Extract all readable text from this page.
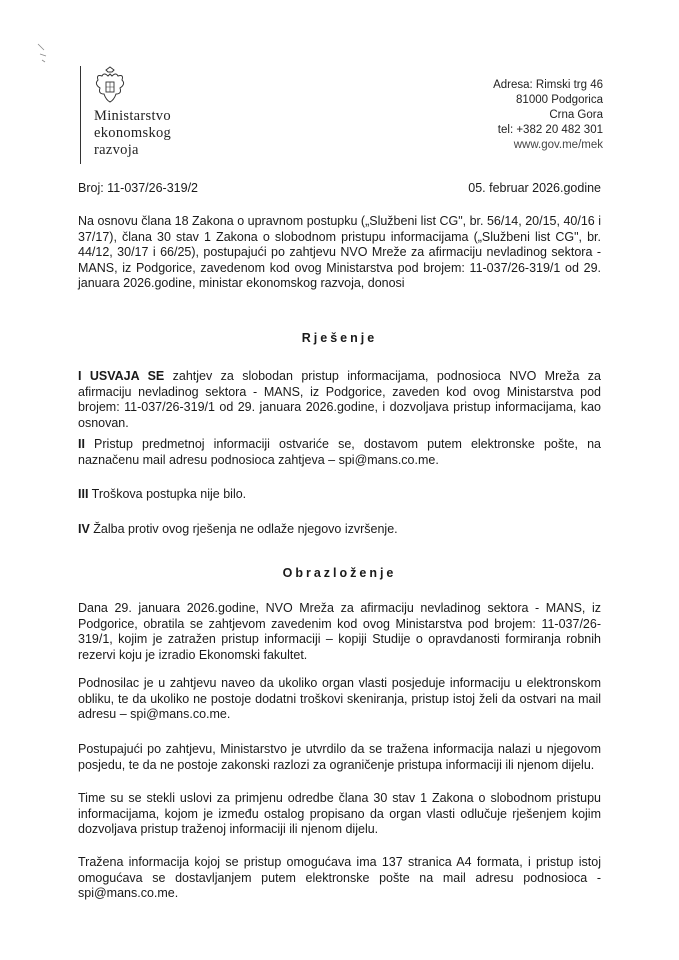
Ministarstvo
ekonomskog
razvoja
Adresa: Rimski trg 46
81000 Podgorica
Crna Gora
tel: +382 20 482 301
www.gov.me/mek
Broj: 11-037/26-319/2	05. februar 2026.godine
Na osnovu člana 18 Zakona o upravnom postupku („Službeni list CG", br. 56/14, 20/15, 40/16 i 37/17), člana 30 stav 1 Zakona o slobodnom pristupu informacijama („Službeni list CG", br. 44/12, 30/17 i 66/25), postupajući po zahtjevu NVO Mreže za afirmaciju nevladinog sektora - MANS, iz Podgorice, zavedenom kod ovog Ministarstva pod brojem: 11-037/26-319/1 od 29. januara 2026.godine, ministar ekonomskog razvoja, donosi
Rješenje
I USVAJA SE zahtjev za slobodan pristup informacijama, podnosioca NVO Mreža za afirmaciju nevladinog sektora - MANS, iz Podgorice, zaveden kod ovog Ministarstva pod brojem: 11-037/26-319/1 od 29. januara 2026.godine, i dozvoljava pristup informacijama, kao osnovan.
II Pristup predmetnoj informaciji ostvariće se, dostavom putem elektronske pošte, na naznačenu mail adresu podnosioca zahtjeva – spi@mans.co.me.
III Troškova postupka nije bilo.
IV Žalba protiv ovog rješenja ne odlaže njegovo izvršenje.
Obrazloženje
Dana 29. januara 2026.godine, NVO Mreža za afirmaciju nevladinog sektora - MANS, iz Podgorice, obratila se zahtjevom zavedenim kod ovog Ministarstva pod brojem: 11-037/26-319/1, kojim je zatražen pristup informaciji – kopiji Studije o opravdanosti formiranja robnih rezervi koju je izradio Ekonomski fakultet.
Podnosilac je u zahtjevu naveo da ukoliko organ vlasti posjeduje informaciju u elektronskom obliku, te da ukoliko ne postoje dodatni troškovi skeniranja, pristup istoj želi da ostvari na mail adresu – spi@mans.co.me.
Postupajući po zahtjevu, Ministarstvo je utvrdilo da se tražena informacija nalazi u njegovom posjedu, te da ne postoje zakonski razlozi za ograničenje pristupa informaciji ili njenom dijelu.
Time su se stekli uslovi za primjenu odredbe člana 30 stav 1 Zakona o slobodnom pristupu informacijama, kojom je između ostalog propisano da organ vlasti odlučuje rješenjem kojim dozvoljava pristup traženoj informaciji ili njenom dijelu.
Tražena informacija kojoj se pristup omogućava ima 137 stranica A4 formata, i pristup istoj omogućava se dostavljanjem putem elektronske pošte na mail adresu podnosioca - spi@mans.co.me.
